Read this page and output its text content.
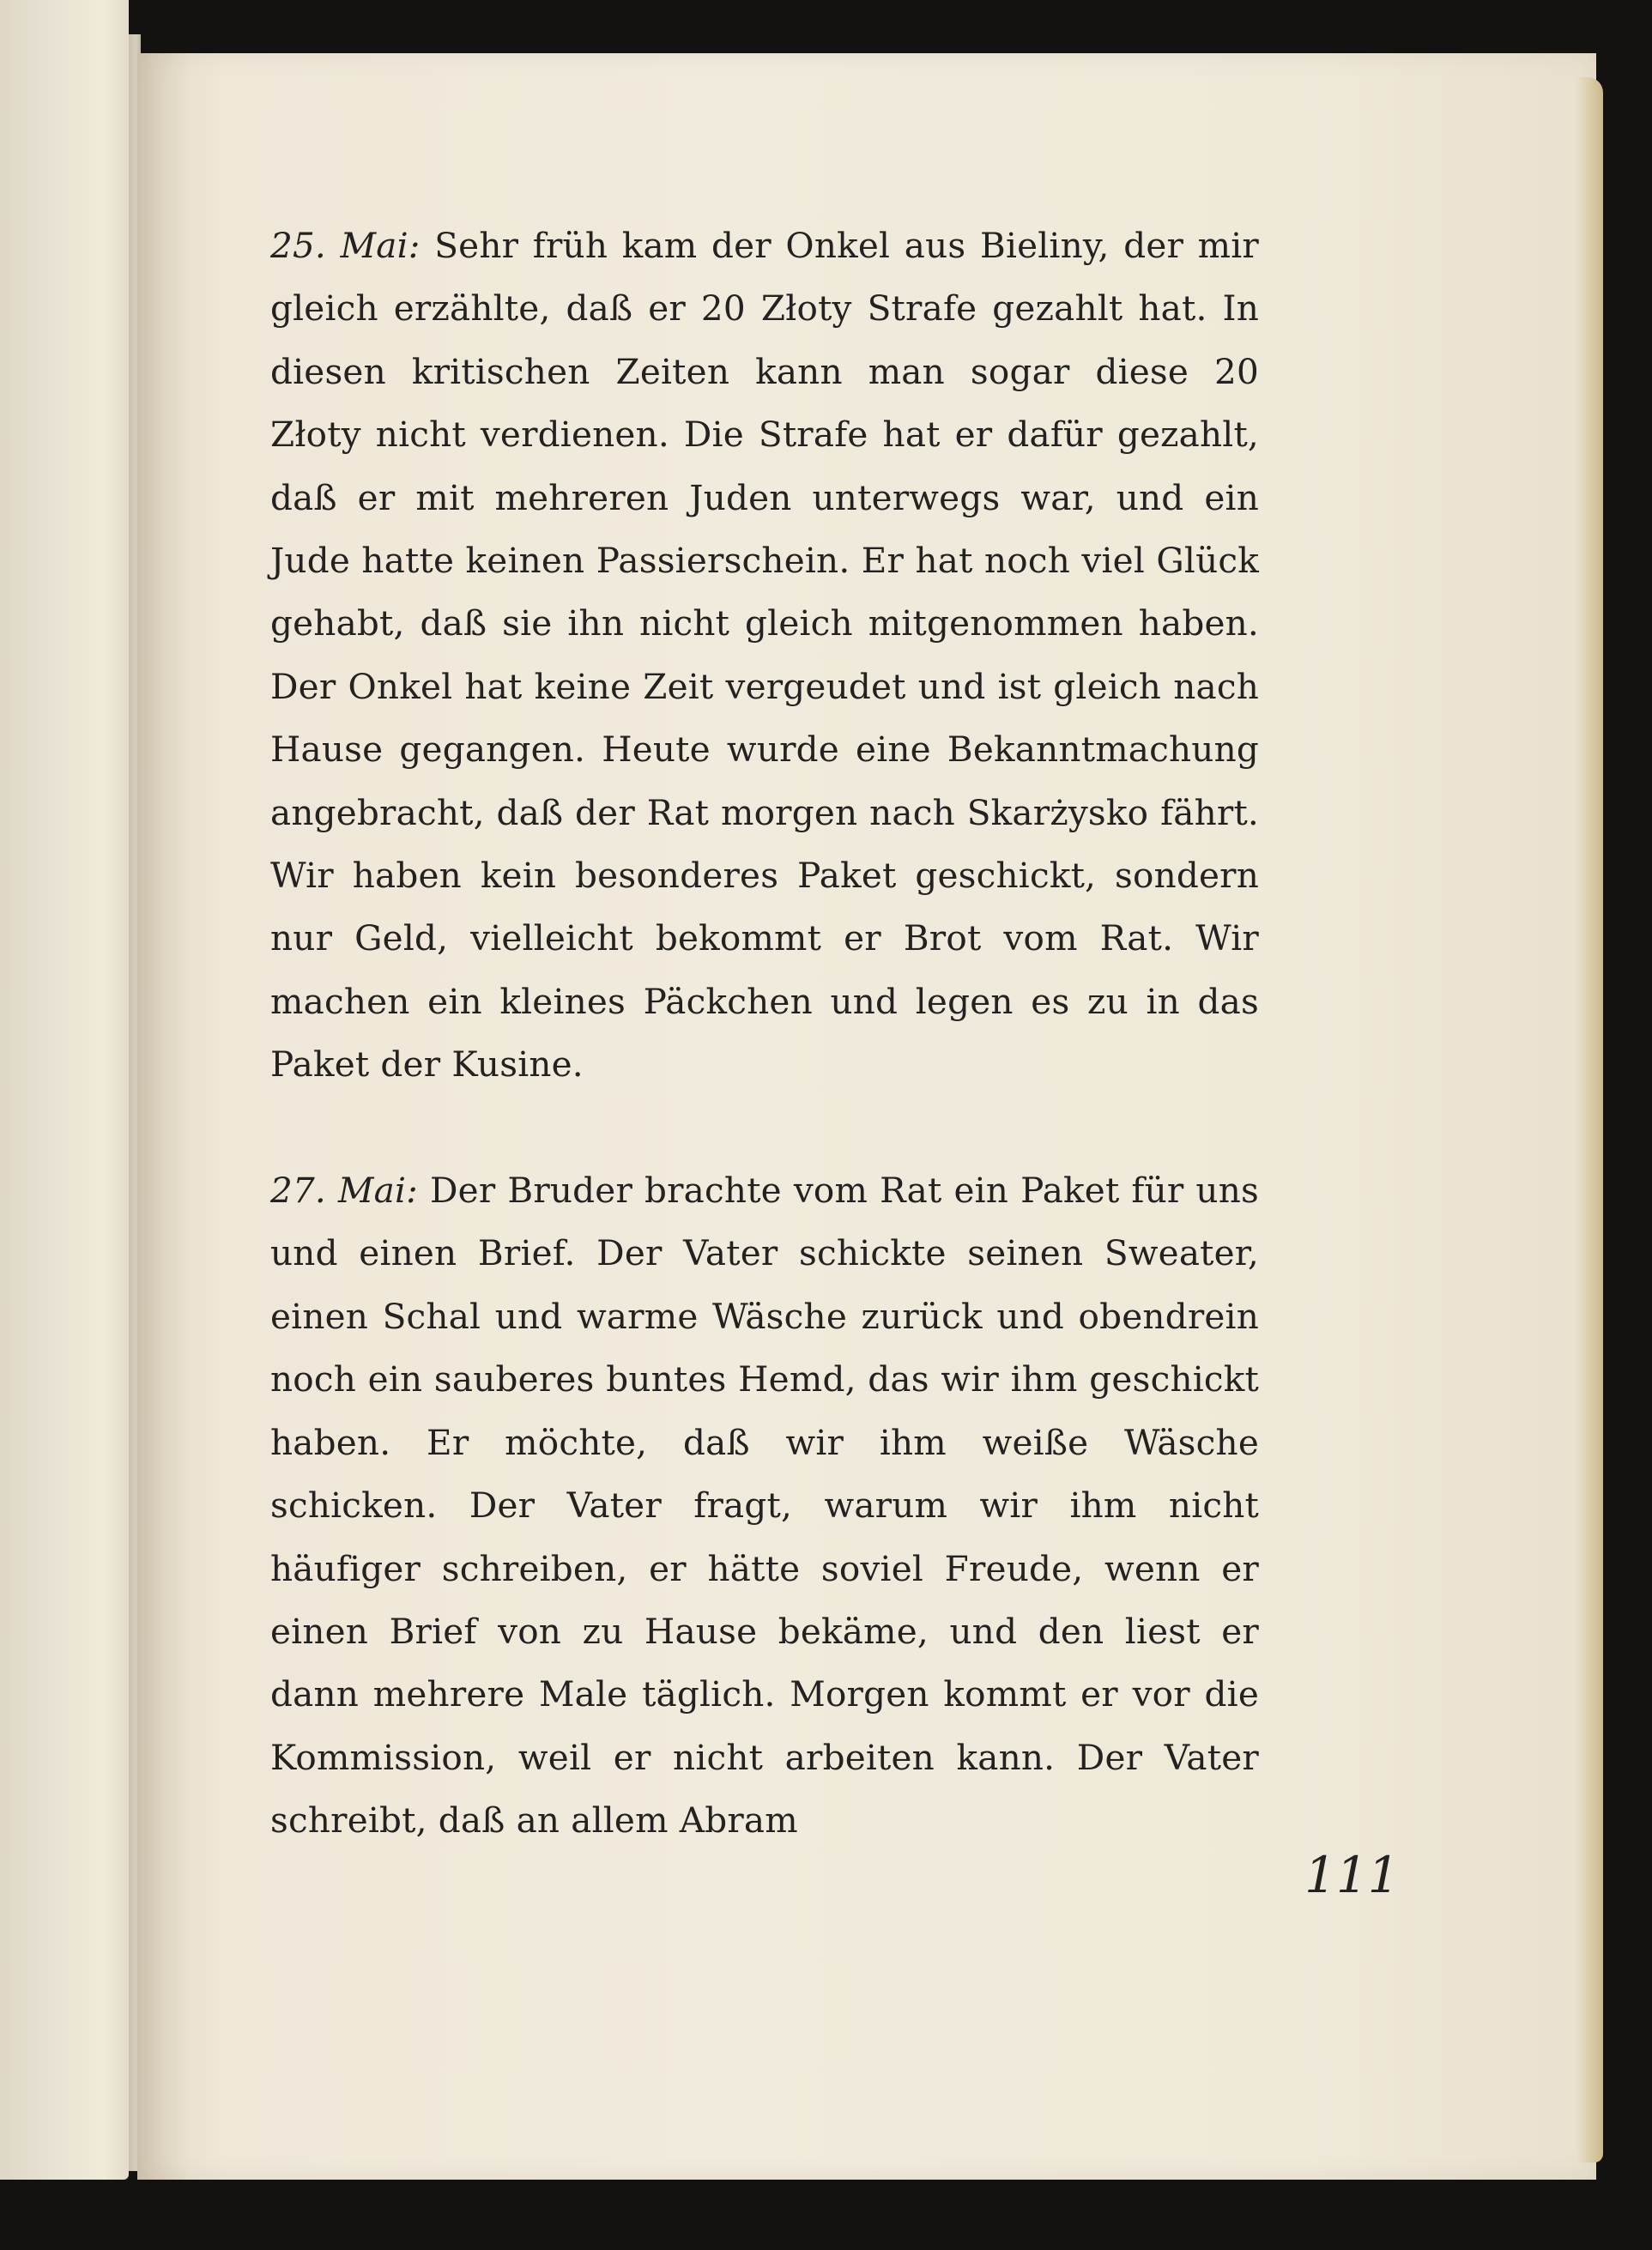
25. Mai: Sehr früh kam der Onkel aus Bieliny, der mir gleich erzählte, daß er 20 Złoty Strafe gezahlt hat. In diesen kritischen Zeiten kann man sogar diese 20 Złoty nicht verdienen. Die Strafe hat er dafür gezahlt, daß er mit mehreren Juden unterwegs war, und ein Jude hatte keinen Passierschein. Er hat noch viel Glück gehabt, daß sie ihn nicht gleich mitgenommen haben. Der Onkel hat keine Zeit vergeudet und ist gleich nach Hause gegangen. Heute wurde eine Bekanntmachung angebracht, daß der Rat morgen nach Skarżysko fährt. Wir haben kein besonderes Paket geschickt, sondern nur Geld, vielleicht bekommt er Brot vom Rat. Wir machen ein kleines Päckchen und legen es zu in das Paket der Kusine.

27. Mai: Der Bruder brachte vom Rat ein Paket für uns und einen Brief. Der Vater schickte seinen Sweater, einen Schal und warme Wäsche zurück und obendrein noch ein sauberes buntes Hemd, das wir ihm geschickt haben. Er möchte, daß wir ihm weiße Wäsche schicken. Der Vater fragt, warum wir ihm nicht häufiger schreiben, er hätte soviel Freude, wenn er einen Brief von zu Hause bekäme, und den liest er dann mehrere Male täglich. Morgen kommt er vor die Kommission, weil er nicht arbeiten kann. Der Vater schreibt, daß an allem Abram

111
